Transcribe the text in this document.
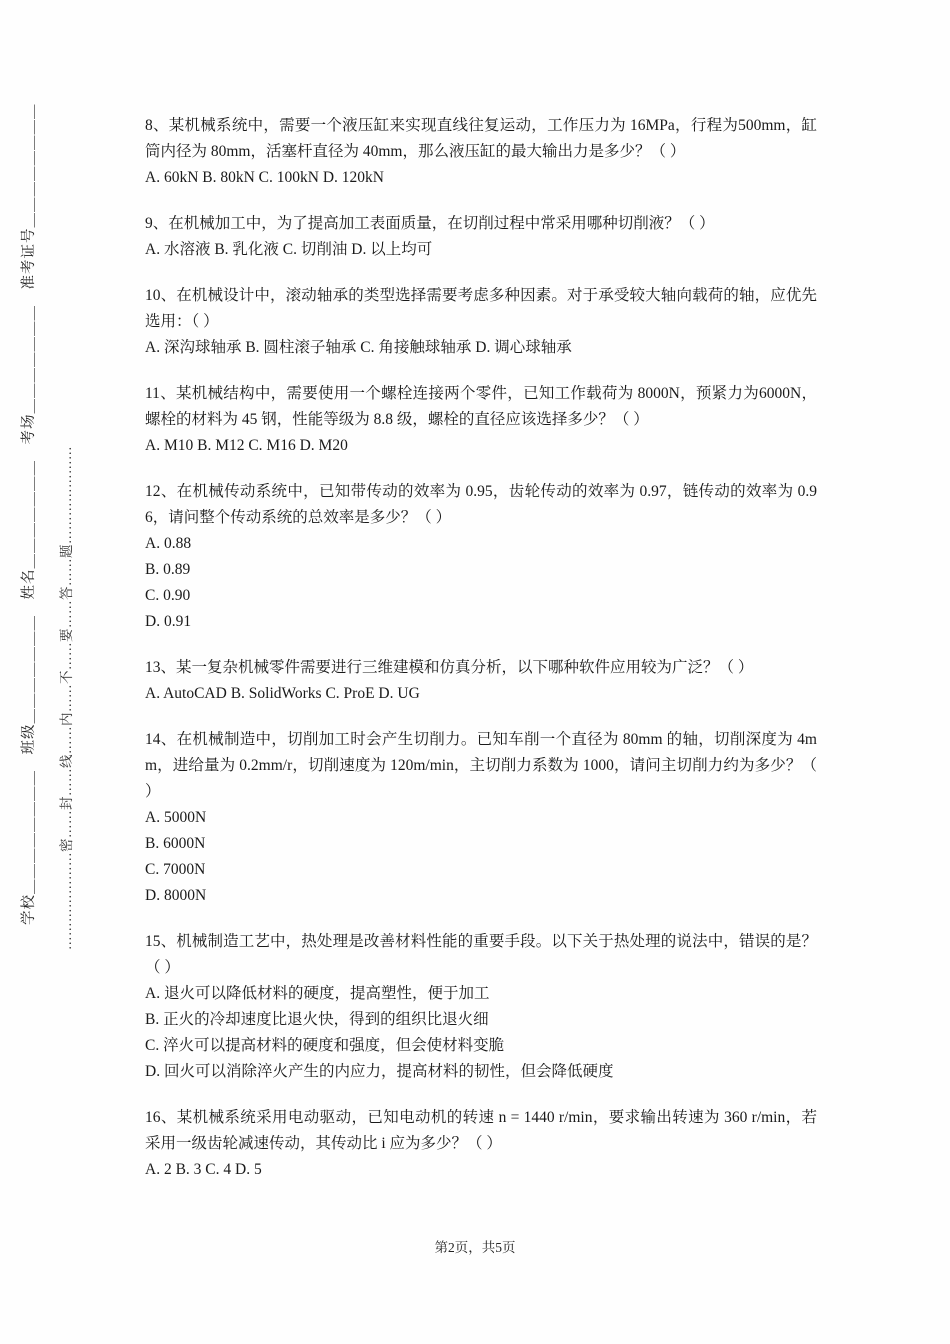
学校＿＿＿＿＿＿＿＿　班级＿＿＿＿＿＿＿　姓名＿＿＿＿＿＿＿　考场＿＿＿＿＿＿＿　准考证号＿＿＿＿＿＿＿＿ …………………密……封……线……内……不……要……答……题…………………
8、某机械系统中，需要一个液压缸来实现直线往复运动，工作压力为 16MPa，行程为500mm，缸筒内径为 80mm，活塞杆直径为 40mm，那么液压缸的最大输出力是多少？（ ）
A. 60kN B. 80kN C. 100kN D. 120kN
9、在机械加工中，为了提高加工表面质量，在切削过程中常采用哪种切削液？（ ）
A. 水溶液 B. 乳化液 C. 切削油 D. 以上均可
10、在机械设计中，滚动轴承的类型选择需要考虑多种因素。对于承受较大轴向载荷的轴，应优先选用：（ ）
A. 深沟球轴承 B. 圆柱滚子轴承 C. 角接触球轴承 D. 调心球轴承
11、某机械结构中，需要使用一个螺栓连接两个零件，已知工作载荷为 8000N，预紧力为6000N，螺栓的材料为 45 钢，性能等级为 8.8 级，螺栓的直径应该选择多少？（ ）
A. M10 B. M12 C. M16 D. M20
12、在机械传动系统中，已知带传动的效率为 0.95，齿轮传动的效率为 0.97，链传动的效率为 0.96，请问整个传动系统的总效率是多少？（ ）
A. 0.88
B. 0.89
C. 0.90
D. 0.91
13、某一复杂机械零件需要进行三维建模和仿真分析，以下哪种软件应用较为广泛？（ ）
A. AutoCAD B. SolidWorks C. ProE D. UG
14、在机械制造中，切削加工时会产生切削力。已知车削一个直径为 80mm 的轴，切削深度为 4mm，进给量为 0.2mm/r，切削速度为 120m/min，主切削力系数为 1000，请问主切削力约为多少？（ ）
A. 5000N
B. 6000N
C. 7000N
D. 8000N
15、机械制造工艺中，热处理是改善材料性能的重要手段。以下关于热处理的说法中，错误的是？（ ）
A. 退火可以降低材料的硬度，提高塑性，便于加工
B. 正火的冷却速度比退火快，得到的组织比退火细
C. 淬火可以提高材料的硬度和强度，但会使材料变脆
D. 回火可以消除淬火产生的内应力，提高材料的韧性，但会降低硬度
16、某机械系统采用电动驱动，已知电动机的转速 n = 1440 r/min，要求输出转速为 360 r/min，若采用一级齿轮减速传动，其传动比 i 应为多少？（ ）
A. 2 B. 3 C. 4 D. 5
第2页，共5页
